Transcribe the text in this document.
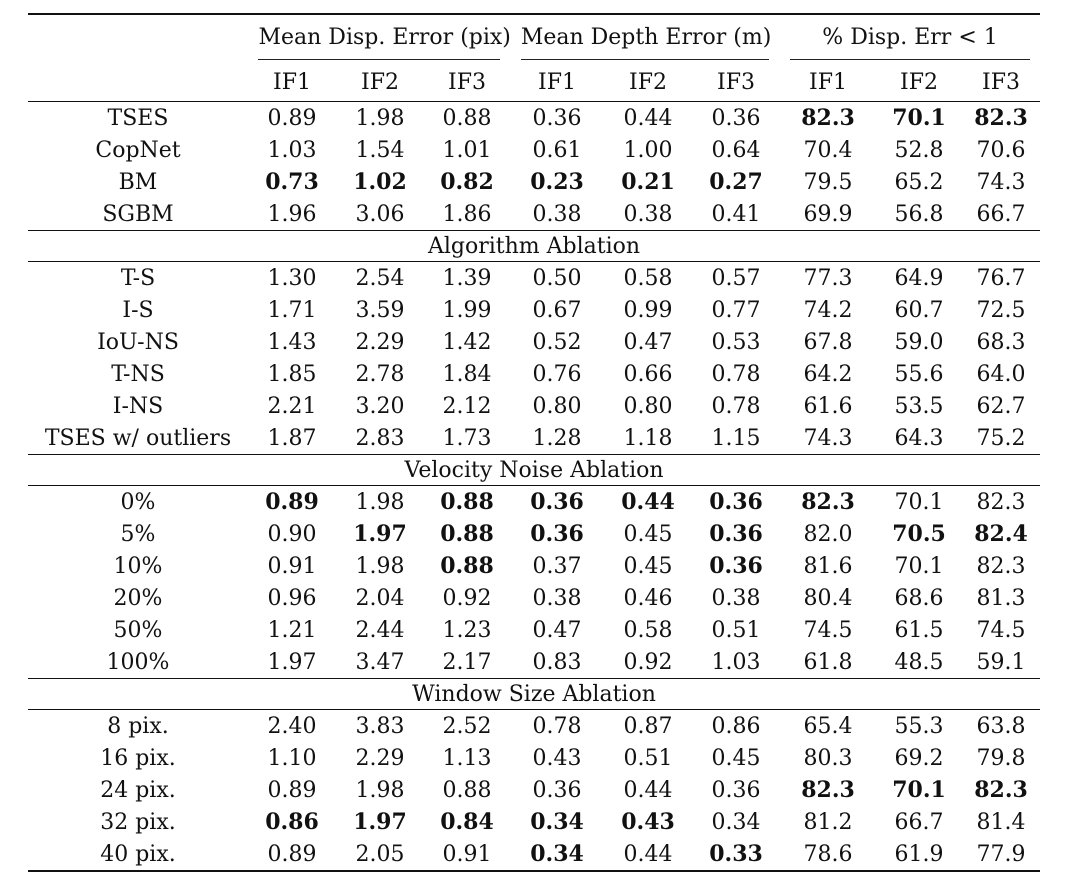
	Mean Disp. Error (pix)			Mean Depth Error (m)			% Disp. Err < 1		
	IF1	IF2	IF3	IF1	IF2	IF3	IF1	IF2	IF3
TSES	0.89	1.98	0.88	0.36	0.44	0.36	82.3	70.1	82.3
CopNet	1.03	1.54	1.01	0.61	1.00	0.64	70.4	52.8	70.6
BM	0.73	1.02	0.82	0.23	0.21	0.27	79.5	65.2	74.3
SGBM	1.96	3.06	1.86	0.38	0.38	0.41	69.9	56.8	66.7
Algorithm Ablation									
T-S	1.30	2.54	1.39	0.50	0.58	0.57	77.3	64.9	76.7
I-S	1.71	3.59	1.99	0.67	0.99	0.77	74.2	60.7	72.5
IoU-NS	1.43	2.29	1.42	0.52	0.47	0.53	67.8	59.0	68.3
T-NS	1.85	2.78	1.84	0.76	0.66	0.78	64.2	55.6	64.0
I-NS	2.21	3.20	2.12	0.80	0.80	0.78	61.6	53.5	62.7
TSES w/ outliers	1.87	2.83	1.73	1.28	1.18	1.15	74.3	64.3	75.2
Velocity Noise Ablation									
0%	0.89	1.98	0.88	0.36	0.44	0.36	82.3	70.1	82.3
5%	0.90	1.97	0.88	0.36	0.45	0.36	82.0	70.5	82.4
10%	0.91	1.98	0.88	0.37	0.45	0.36	81.6	70.1	82.3
20%	0.96	2.04	0.92	0.38	0.46	0.38	80.4	68.6	81.3
50%	1.21	2.44	1.23	0.47	0.58	0.51	74.5	61.5	74.5
100%	1.97	3.47	2.17	0.83	0.92	1.03	61.8	48.5	59.1
Window Size Ablation									
8 pix.	2.40	3.83	2.52	0.78	0.87	0.86	65.4	55.3	63.8
16 pix.	1.10	2.29	1.13	0.43	0.51	0.45	80.3	69.2	79.8
24 pix.	0.89	1.98	0.88	0.36	0.44	0.36	82.3	70.1	82.3
32 pix.	0.86	1.97	0.84	0.34	0.43	0.34	81.2	66.7	81.4
40 pix.	0.89	2.05	0.91	0.34	0.44	0.33	78.6	61.9	77.9
